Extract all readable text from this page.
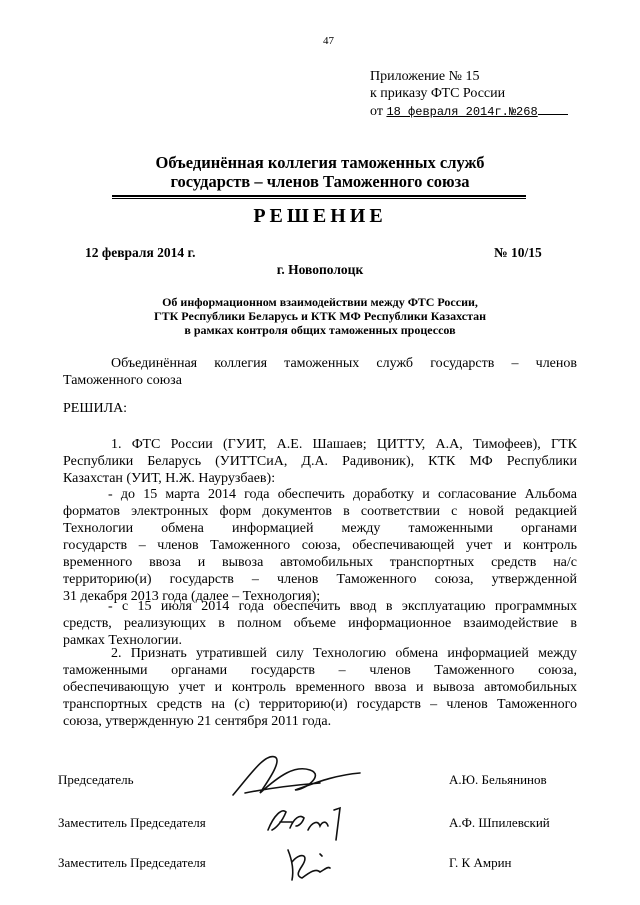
47
Приложение № 15
к приказу ФТС России
от 18 февраля 2014г.№268
Объединённая коллегия таможенных служб
государств – членов Таможенного союза
РЕШЕНИЕ
12 февраля 2014 г.	№ 10/15
г. Новополоцк
Об информационном взаимодействии между ФТС России,
ГТК Республики Беларусь и КТК МФ Республики Казахстан
в рамках контроля общих таможенных процессов
Объединённая коллегия таможенных служб государств – членов
Таможенного союза
РЕШИЛА:
1. ФТС России (ГУИТ, А.Е. Шашаев; ЦИТТУ, А.А, Тимофеев), ГТК
Республики Беларусь (УИТТСиА, Д.А. Радивоник), КТК МФ Республики
Казахстан (УИТ, Н.Ж. Наурузбаев):
- до 15 марта 2014 года обеспечить доработку и согласование Альбома
форматов электронных форм документов в соответствии с новой редакцией
Технологии обмена информацией между таможенными органами
государств – членов Таможенного союза, обеспечивающей учет и контроль
временного ввоза и вывоза автомобильных транспортных средств на/с
территорию(и) государств – членов Таможенного союза, утвержденной
31 декабря 2013 года (далее – Технология);
- с 15 июля 2014 года обеспечить ввод в эксплуатацию программных
средств, реализующих в полном объеме информационное взаимодействие в
рамках Технологии.
2. Признать утратившей силу Технологию обмена информацией между
таможенными органами государств – членов Таможенного союза,
обеспечивающую учет и контроль временного ввоза и вывоза автомобильных
транспортных средств на (с) территорию(и) государств – членов Таможенного
союза, утвержденную 21 сентября 2011 года.
Председатель	А.Ю. Бельянинов
Заместитель Председателя	А.Ф. Шпилевский
Заместитель Председателя	Г. К Амрин
